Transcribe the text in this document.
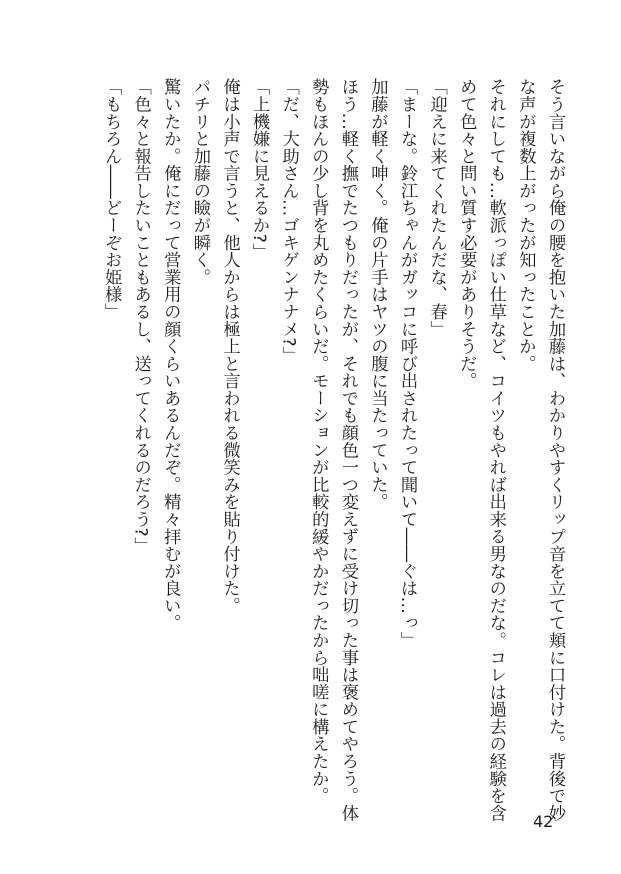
そう言いながら俺の腰を抱いた加藤は、わかりやすくリップ音を立てて頬に口付けた。背後で妙

な声が複数上がったが知ったことか。

それにしても…軟派っぽい仕草など、コイツもやれば出来る男なのだな。コレは過去の経験を含

めて色々と問い質す必要がありそうだ。

「迎えに来てくれたんだな、春」

「まーな。鈴江ちゃんがガッコに呼び出されたって聞いて――ぐは…っ」

加藤が軽く呻く。俺の片手はヤツの腹に当たっていた。

ほう…軽く撫でたつもりだったが、それでも顔色一つ変えずに受け切った事は褒めてやろう。体

勢もほんの少し背を丸めたくらいだ。モーションが比較的緩やかだったから咄嗟に構えたか。

「だ、大助さん…ゴキゲンナナメ?」

「上機嫌に見えるか?」

俺は小声で言うと、他人からは極上と言われる微笑みを貼り付けた。

パチリと加藤の瞼が瞬く。

驚いたか。俺にだって営業用の顔くらいあるんだぞ。精々拝むが良い。

「色々と報告したいこともあるし、送ってくれるのだろう?」

「もちろん――どーぞお姫様」

42
